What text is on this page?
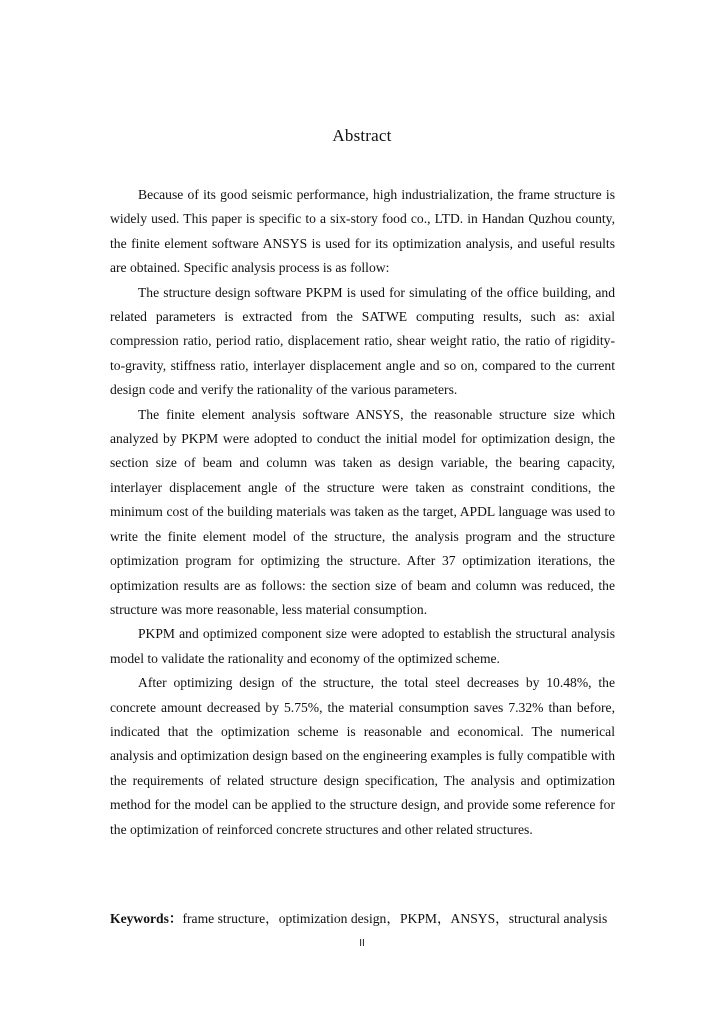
Abstract

Because of its good seismic performance, high industrialization, the frame structure is widely used. This paper is specific to a six-story food co., LTD. in Handan Quzhou county, the finite element software ANSYS is used for its optimization analysis, and useful results are obtained. Specific analysis process is as follow:

The structure design software PKPM is used for simulating of the office building, and related parameters is extracted from the SATWE computing results, such as: axial compression ratio, period ratio, displacement ratio, shear weight ratio, the ratio of rigidity-to-gravity, stiffness ratio, interlayer displacement angle and so on, compared to the current design code and verify the rationality of the various parameters.

The finite element analysis software ANSYS, the reasonable structure size which analyzed by PKPM were adopted to conduct the initial model for optimization design, the section size of beam and column was taken as design variable, the bearing capacity, interlayer displacement angle of the structure were taken as constraint conditions, the minimum cost of the building materials was taken as the target, APDL language was used to write the finite element model of the structure, the analysis program and the structure optimization program for optimizing the structure. After 37 optimization iterations, the optimization results are as follows: the section size of beam and column was reduced, the structure was more reasonable, less material consumption.

PKPM and optimized component size were adopted to establish the structural analysis model to validate the rationality and economy of the optimized scheme.

After optimizing design of the structure, the total steel decreases by 10.48%, the concrete amount decreased by 5.75%, the material consumption saves 7.32% than before, indicated that the optimization scheme is reasonable and economical. The numerical analysis and optimization design based on the engineering examples is fully compatible with the requirements of related structure design specification, The analysis and optimization method for the model can be applied to the structure design, and provide some reference for the optimization of reinforced concrete structures and other related structures.

Keywords：frame structure，optimization design，PKPM，ANSYS，structural analysis
II
